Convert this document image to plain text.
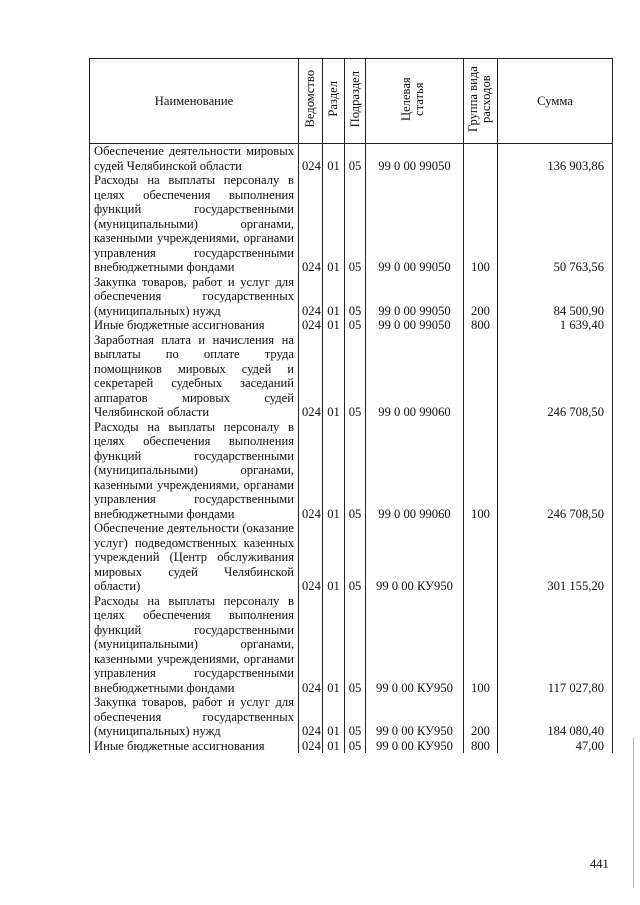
Наименование	Ведомство	Раздел	Подраздел	Целевая статья	Группа вида расходов	Сумма
Обеспечение деятельности мировых судей Челябинской области	024	01	05	99 0 00 99050		136 903,86
Расходы на выплаты персоналу в целях обеспечения выполнения функций государственными (муниципальными) органами, казенными учреждениями, органами управления государственными внебюджетными фондами	024	01	05	99 0 00 99050	100	50 763,56
Закупка товаров, работ и услуг для обеспечения государственных (муниципальных) нужд	024	01	05	99 0 00 99050	200	84 500,90
Иные бюджетные ассигнования	024	01	05	99 0 00 99050	800	1 639,40
Заработная плата и начисления на выплаты по оплате труда помощников мировых судей и секретарей судебных заседаний аппаратов мировых судей Челябинской области	024	01	05	99 0 00 99060		246 708,50
Расходы на выплаты персоналу в целях обеспечения выполнения функций государственными (муниципальными) органами, казенными учреждениями, органами управления государственными внебюджетными фондами	024	01	05	99 0 00 99060	100	246 708,50
Обеспечение деятельности (оказание услуг) подведомственных казенных учреждений (Центр обслуживания мировых судей Челябинской области)	024	01	05	99 0 00 КУ950		301 155,20
Расходы на выплаты персоналу в целях обеспечения выполнения функций государственными (муниципальными) органами, казенными учреждениями, органами управления государственными внебюджетными фондами	024	01	05	99 0 00 КУ950	100	117 027,80
Закупка товаров, работ и услуг для обеспечения государственных (муниципальных) нужд	024	01	05	99 0 00 КУ950	200	184 080,40
Иные бюджетные ассигнования	024	01	05	99 0 00 КУ950	800	47,00
441
